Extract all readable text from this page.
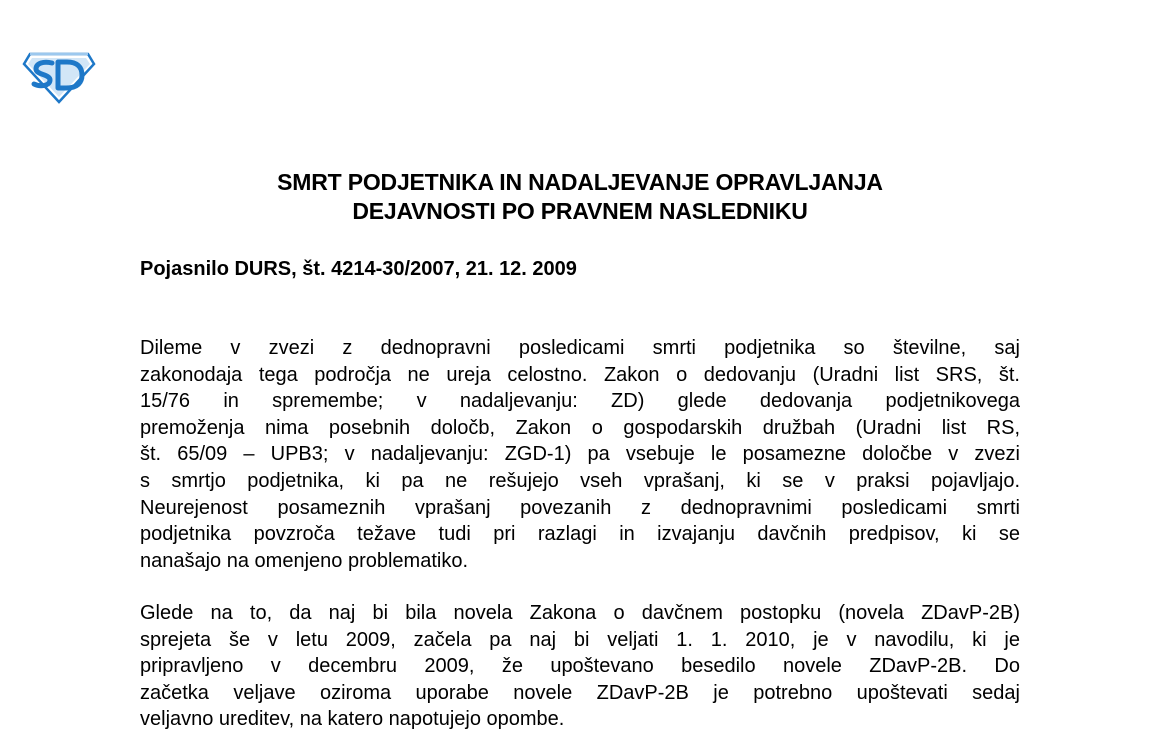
SMRT PODJETNIKA IN NADALJEVANJE OPRAVLJANJA
DEJAVNOSTI PO PRAVNEM NASLEDNIKU
Pojasnilo DURS, št. 4214-30/2007, 21. 12. 2009
Dileme v zvezi z dednopravni posledicami smrti podjetnika so številne, saj
zakonodaja tega področja ne ureja celostno. Zakon o dedovanju (Uradni list SRS, št.
15/76 in spremembe; v nadaljevanju: ZD) glede dedovanja podjetnikovega
premoženja nima posebnih določb, Zakon o gospodarskih družbah (Uradni list RS,
št. 65/09 – UPB3; v nadaljevanju: ZGD-1) pa vsebuje le posamezne določbe v zvezi
s smrtjo podjetnika, ki pa ne rešujejo vseh vprašanj, ki se v praksi pojavljajo.
Neurejenost posameznih vprašanj povezanih z dednopravnimi posledicami smrti
podjetnika povzroča težave tudi pri razlagi in izvajanju davčnih predpisov, ki se
nanašajo na omenjeno problematiko.
Glede na to, da naj bi bila novela Zakona o davčnem postopku (novela ZDavP-2B)
sprejeta še v letu 2009, začela pa naj bi veljati 1. 1. 2010, je v navodilu, ki je
pripravljeno v decembru 2009, že upoštevano besedilo novele ZDavP-2B. Do
začetka veljave oziroma uporabe novele ZDavP-2B je potrebno upoštevati sedaj
veljavno ureditev, na katero napotujejo opombe.
